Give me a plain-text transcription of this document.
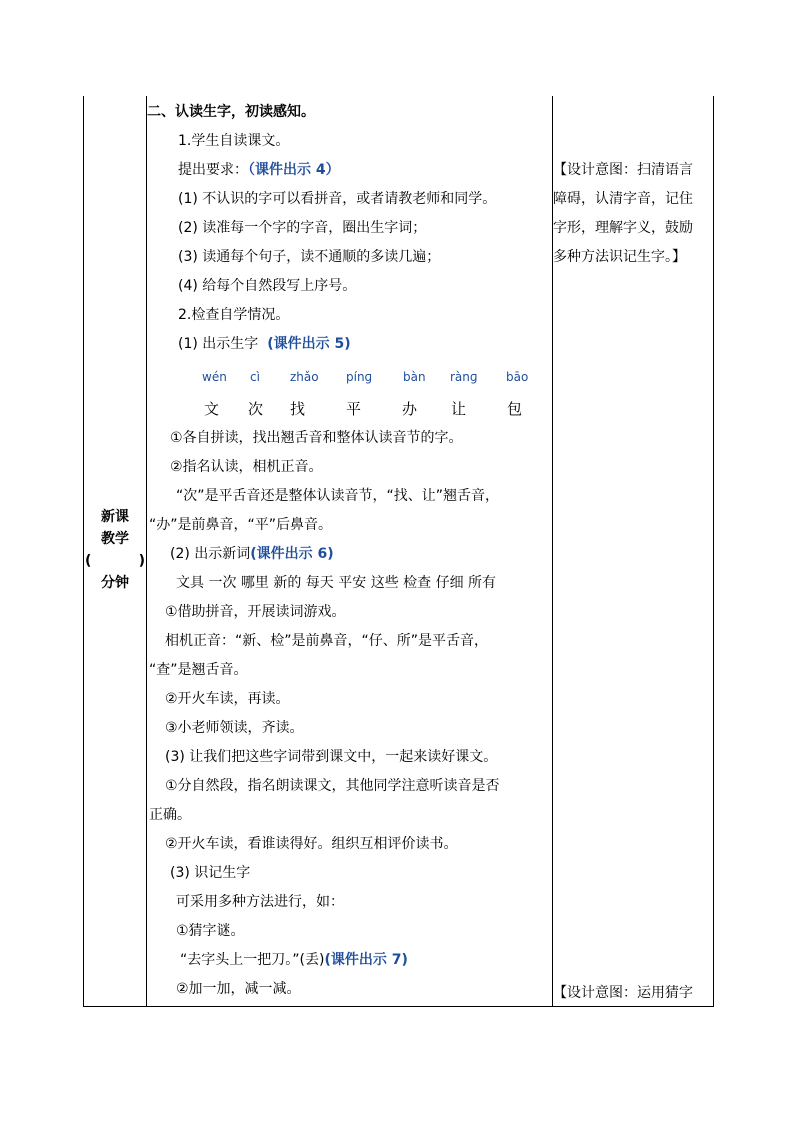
新课
教学
(	)
分钟
二、认读生字，初读感知。
1.学生自读课文。
提出要求：（课件出示 4）
(1) 不认识的字可以看拼音，或者请教老师和同学。
(2) 读准每一个字的字音，圈出生字词；
(3) 读通每个句子，读不通顺的多读几遍；
(4) 给每个自然段写上序号。
2.检查自学情况。
(1) 出示生字 (课件出示 5)
wén cì	zhǎo pínɡ	bàn rànɡ bāo
文 次 找	平	办 让	包
①各自拼读，找出翘舌音和整体认读音节的字。
②指名认读，相机正音。
“次”是平舌音还是整体认读音节，“找、让”翘舌音，
“办”是前鼻音，“平”后鼻音。
(2) 出示新词(课件出示 6)
文具 一次 哪里 新的 每天 平安 这些 检查 仔细 所有
①借助拼音，开展读词游戏。
相机正音：“新、检”是前鼻音，“仔、所”是平舌音，
“查”是翘舌音。
②开火车读，再读。
③小老师领读，齐读。
(3) 让我们把这些字词带到课文中，一起来读好课文。
①分自然段，指名朗读课文，其他同学注意听读音是否
正确。
②开火车读，看谁读得好。组织互相评价读书。
(3) 识记生字
可采用多种方法进行，如：
①猜字谜。
“去字头上一把刀。”(丢)(课件出示 7)
②加一加，减一减。
【设计意图：扫清语言
障碍，认清字音，记住
字形，理解字义，鼓励
多种方法识记生字。】
【设计意图：运用猜字
